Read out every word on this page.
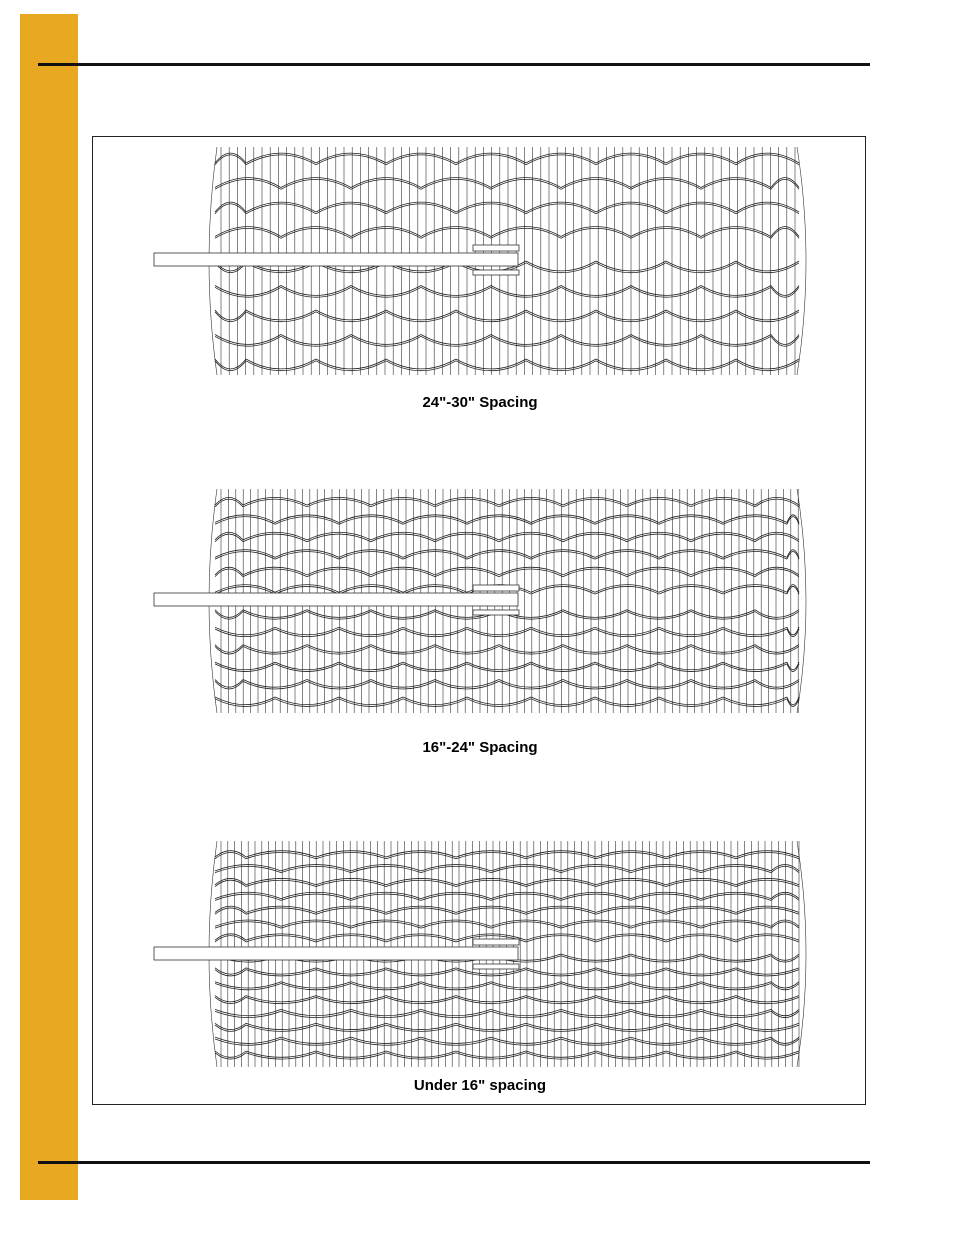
24"-30" Spacing

16"-24" Spacing

Under 16" spacing
